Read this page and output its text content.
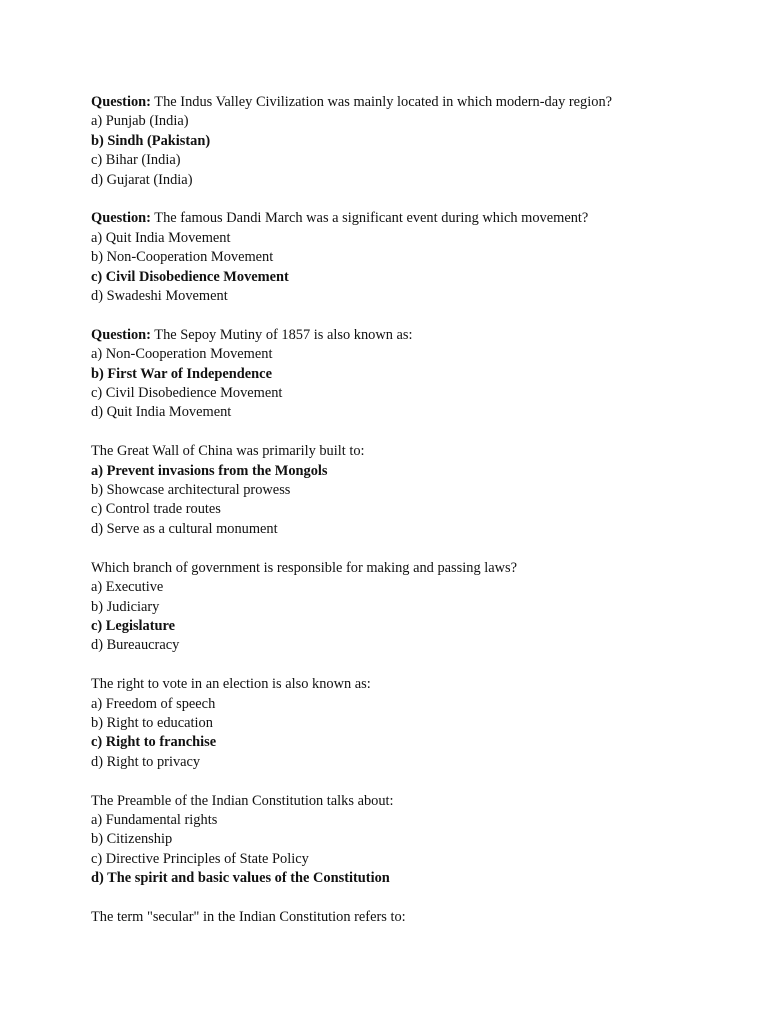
Question: The Indus Valley Civilization was mainly located in which modern-day region?
a) Punjab (India)
b) Sindh (Pakistan)
c) Bihar (India)
d) Gujarat (India)
Question: The famous Dandi March was a significant event during which movement?
a) Quit India Movement
b) Non-Cooperation Movement
c) Civil Disobedience Movement
d) Swadeshi Movement
Question: The Sepoy Mutiny of 1857 is also known as:
a) Non-Cooperation Movement
b) First War of Independence
c) Civil Disobedience Movement
d) Quit India Movement
The Great Wall of China was primarily built to:
a) Prevent invasions from the Mongols
b) Showcase architectural prowess
c) Control trade routes
d) Serve as a cultural monument
Which branch of government is responsible for making and passing laws?
a) Executive
b) Judiciary
c) Legislature
d) Bureaucracy
The right to vote in an election is also known as:
a) Freedom of speech
b) Right to education
c) Right to franchise
d) Right to privacy
The Preamble of the Indian Constitution talks about:
a) Fundamental rights
b) Citizenship
c) Directive Principles of State Policy
d) The spirit and basic values of the Constitution
The term "secular" in the Indian Constitution refers to:
